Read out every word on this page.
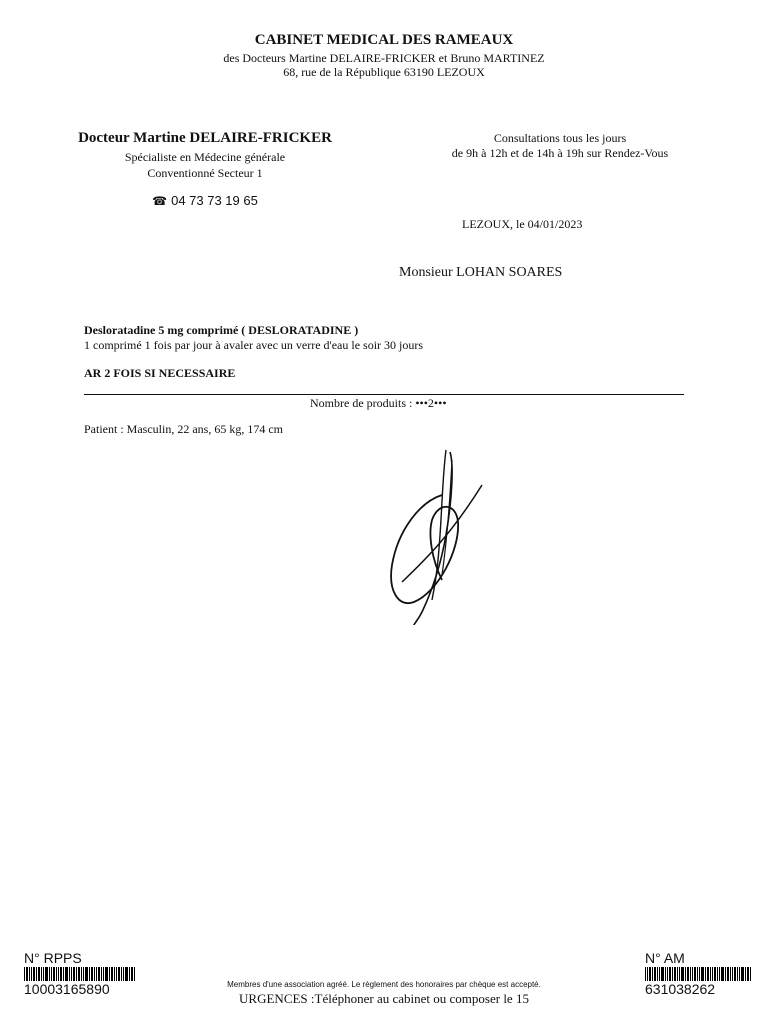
CABINET MEDICAL DES RAMEAUX
des Docteurs Martine DELAIRE-FRICKER et Bruno MARTINEZ
68, rue de la République 63190 LEZOUX
Docteur Martine DELAIRE-FRICKER
Spécialiste en Médecine générale
Conventionné Secteur 1
☎ 04 73 73 19 65
Consultations tous les jours
de 9h à 12h et de 14h à 19h sur Rendez-Vous
LEZOUX, le 04/01/2023
Monsieur LOHAN SOARES
Desloratadine 5 mg comprimé ( DESLORATADINE )
1 comprimé 1 fois par jour à avaler avec un verre d'eau le soir 30 jours
AR 2 FOIS SI NECESSAIRE
Nombre de produits : •••2•••
Patient : Masculin, 22 ans, 65 kg, 174 cm
N° RPPS
10003165890
N° AM
631038262
Membres d'une association agréé. Le règlement des honoraires par chèque est accepté.
URGENCES :Téléphoner au cabinet ou composer le 15
